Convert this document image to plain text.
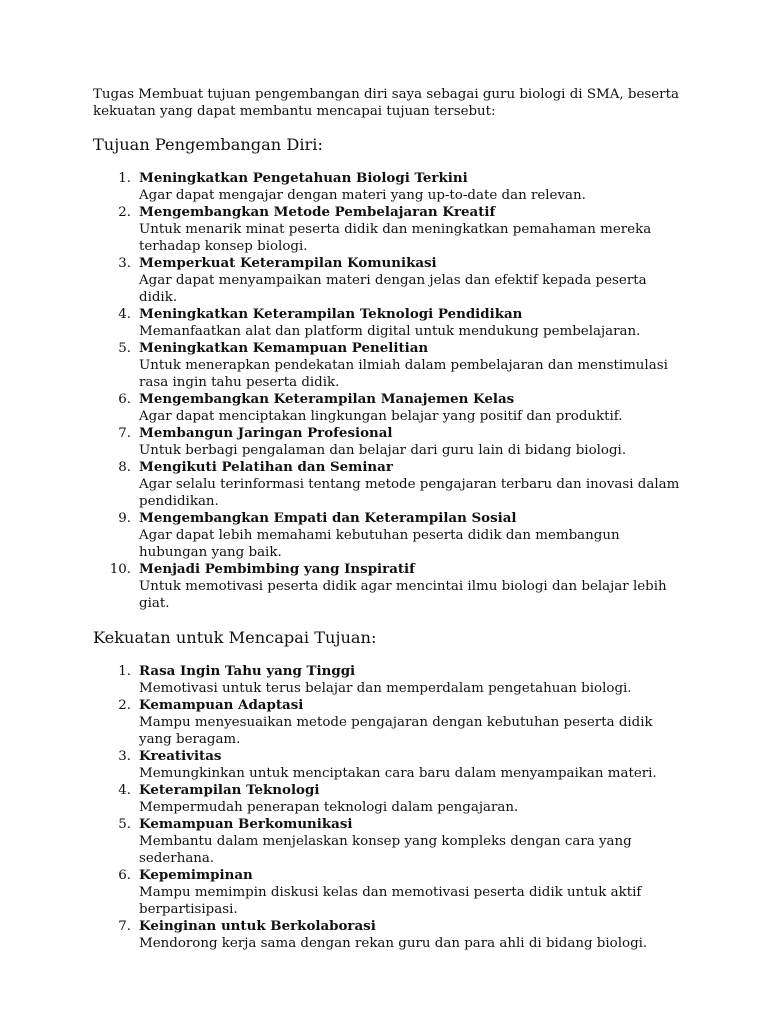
Tugas Membuat tujuan pengembangan diri saya sebagai guru biologi di SMA, beserta kekuatan yang dapat membantu mencapai tujuan tersebut:

Tujuan Pengembangan Diri:
1. Meningkatkan Pengetahuan Biologi Terkini
Agar dapat mengajar dengan materi yang up-to-date dan relevan.
2. Mengembangkan Metode Pembelajaran Kreatif
Untuk menarik minat peserta didik dan meningkatkan pemahaman mereka terhadap konsep biologi.
3. Memperkuat Keterampilan Komunikasi
Agar dapat menyampaikan materi dengan jelas dan efektif kepada peserta didik.
4. Meningkatkan Keterampilan Teknologi Pendidikan
Memanfaatkan alat dan platform digital untuk mendukung pembelajaran.
5. Meningkatkan Kemampuan Penelitian
Untuk menerapkan pendekatan ilmiah dalam pembelajaran dan menstimulasi rasa ingin tahu peserta didik.
6. Mengembangkan Keterampilan Manajemen Kelas
Agar dapat menciptakan lingkungan belajar yang positif dan produktif.
7. Membangun Jaringan Profesional
Untuk berbagi pengalaman dan belajar dari guru lain di bidang biologi.
8. Mengikuti Pelatihan dan Seminar
Agar selalu terinformasi tentang metode pengajaran terbaru dan inovasi dalam pendidikan.
9. Mengembangkan Empati dan Keterampilan Sosial
Agar dapat lebih memahami kebutuhan peserta didik dan membangun hubungan yang baik.
10. Menjadi Pembimbing yang Inspiratif
Untuk memotivasi peserta didik agar mencintai ilmu biologi dan belajar lebih giat.
Kekuatan untuk Mencapai Tujuan:
1. Rasa Ingin Tahu yang Tinggi
Memotivasi untuk terus belajar dan memperdalam pengetahuan biologi.
2. Kemampuan Adaptasi
Mampu menyesuaikan metode pengajaran dengan kebutuhan peserta didik yang beragam.
3. Kreativitas
Memungkinkan untuk menciptakan cara baru dalam menyampaikan materi.
4. Keterampilan Teknologi
Mempermudah penerapan teknologi dalam pengajaran.
5. Kemampuan Berkomunikasi
Membantu dalam menjelaskan konsep yang kompleks dengan cara yang sederhana.
6. Kepemimpinan
Mampu memimpin diskusi kelas dan memotivasi peserta didik untuk aktif berpartisipasi.
7. Keinginan untuk Berkolaborasi
Mendorong kerja sama dengan rekan guru dan para ahli di bidang biologi.
